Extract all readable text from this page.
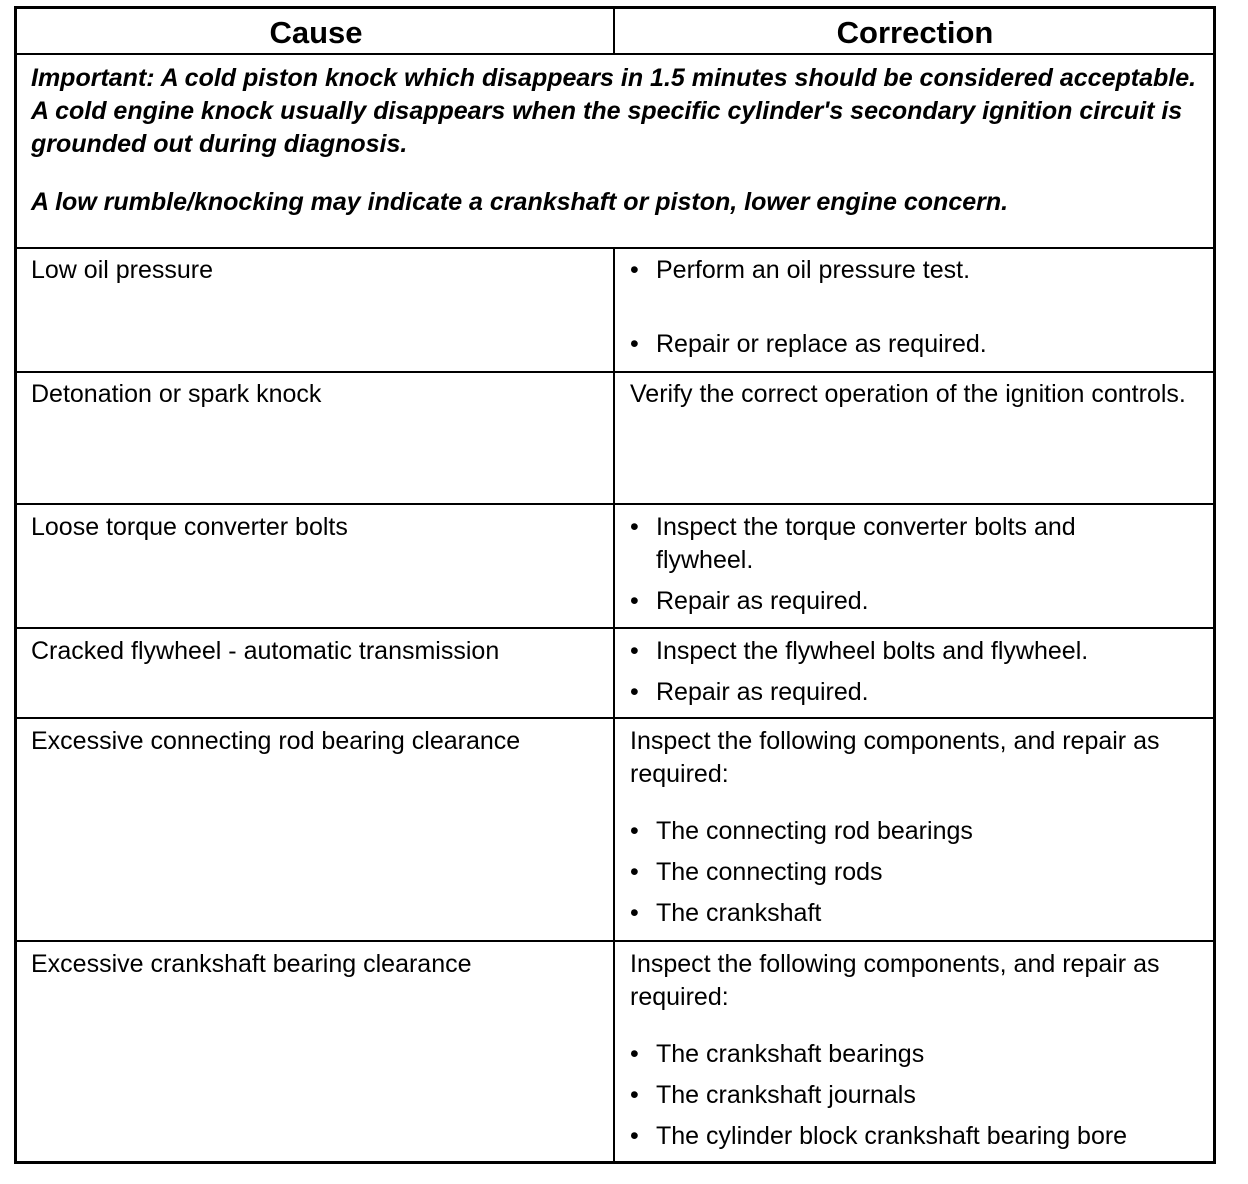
Cause	Correction

Important: A cold piston knock which disappears in 1.5 minutes should be considered acceptable. A cold engine knock usually disappears when the specific cylinder's secondary ignition circuit is grounded out during diagnosis.

A low rumble/knocking may indicate a crankshaft or piston, lower engine concern.

Low oil pressure	• Perform an oil pressure test.
• Repair or replace as required.
Detonation or spark knock	Verify the correct operation of the ignition controls.
Loose torque converter bolts	• Inspect the torque converter bolts and flywheel.
• Repair as required.
Cracked flywheel - automatic transmission	• Inspect the flywheel bolts and flywheel.
• Repair as required.
Excessive connecting rod bearing clearance	Inspect the following components, and repair as required:
• The connecting rod bearings
• The connecting rods
• The crankshaft
Excessive crankshaft bearing clearance	Inspect the following components, and repair as required:
• The crankshaft bearings
• The crankshaft journals
• The cylinder block crankshaft bearing bore
